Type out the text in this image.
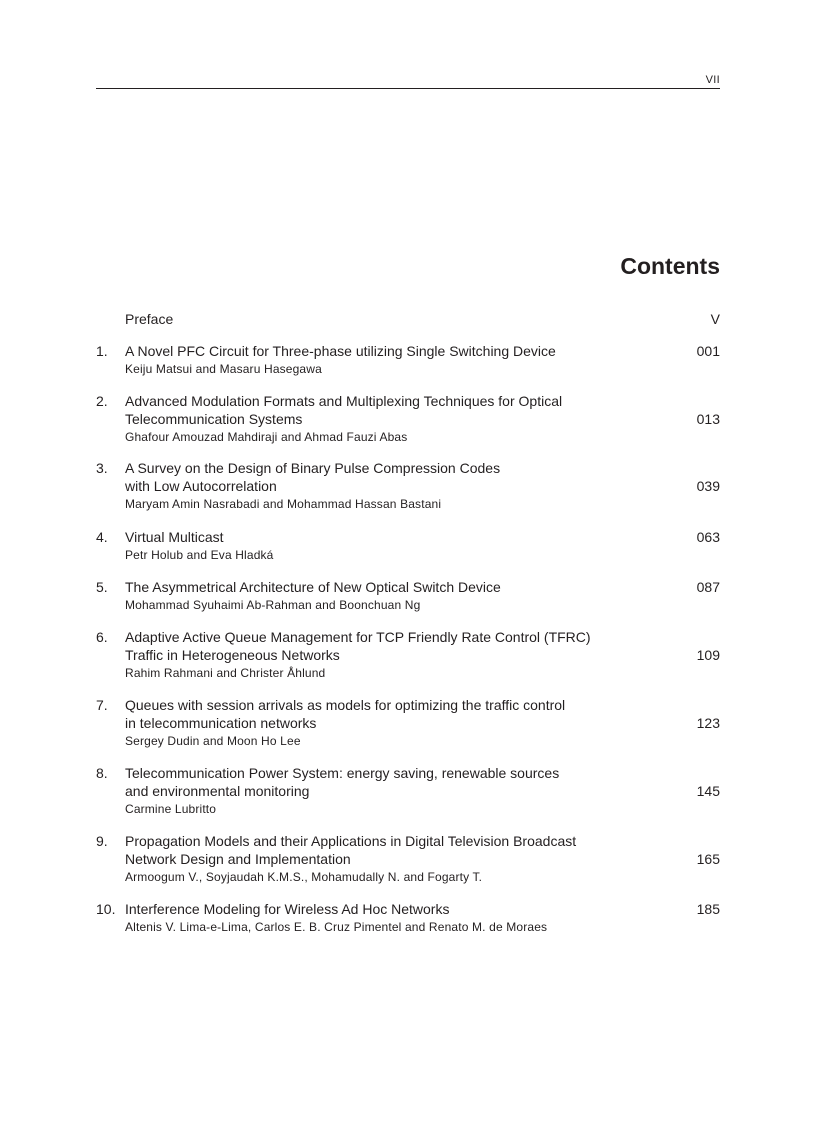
VII
Contents
Preface	V
1. A Novel PFC Circuit for Three-phase utilizing Single Switching Device	001
Keiju Matsui and Masaru Hasegawa
2. Advanced Modulation Formats and Multiplexing Techniques for Optical
Telecommunication Systems	013
Ghafour Amouzad Mahdiraji and Ahmad Fauzi Abas
3. A Survey on the Design of Binary Pulse Compression Codes
with Low Autocorrelation	039
Maryam Amin Nasrabadi and Mohammad Hassan Bastani
4. Virtual Multicast	063
Petr Holub and Eva Hladká
5. The Asymmetrical Architecture of New Optical Switch Device	087
Mohammad Syuhaimi Ab-Rahman and Boonchuan Ng
6. Adaptive Active Queue Management for TCP Friendly Rate Control (TFRC)
Traffic in Heterogeneous Networks	109
Rahim Rahmani and Christer Åhlund
7. Queues with session arrivals as models for optimizing the traffic control
in telecommunication networks	123
Sergey Dudin and Moon Ho Lee
8. Telecommunication Power System: energy saving, renewable sources
and environmental monitoring	145
Carmine Lubritto
9. Propagation Models and their Applications in Digital Television Broadcast
Network Design and Implementation	165
Armoogum V., Soyjaudah K.M.S., Mohamudally N. and Fogarty T.
10. Interference Modeling for Wireless Ad Hoc Networks	185
Altenis V. Lima-e-Lima, Carlos E. B. Cruz Pimentel and Renato M. de Moraes
